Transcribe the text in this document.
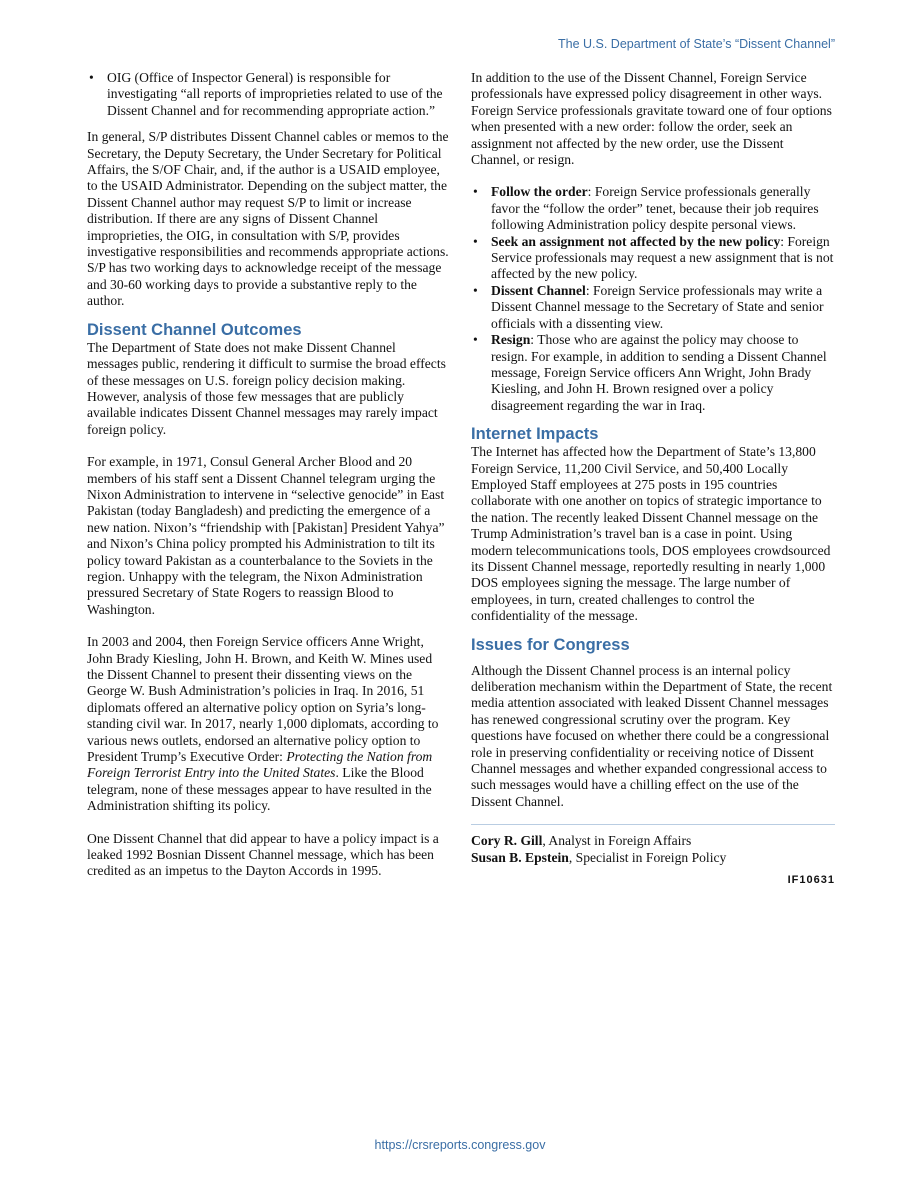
The U.S. Department of State’s “Dissent Channel”
• OIG (Office of Inspector General) is responsible for investigating “all reports of improprieties related to use of the Dissent Channel and for recommending appropriate action.”

In general, S/P distributes Dissent Channel cables or memos to the Secretary, the Deputy Secretary, the Under Secretary for Political Affairs, the S/OF Chair, and, if the author is a USAID employee, to the USAID Administrator. Depending on the subject matter, the Dissent Channel author may request S/P to limit or increase distribution. If there are any signs of Dissent Channel improprieties, the OIG, in consultation with S/P, provides investigative responsibilities and recommends appropriate actions. S/P has two working days to acknowledge receipt of the message and 30-60 working days to provide a substantive reply to the author.

Dissent Channel Outcomes

The Department of State does not make Dissent Channel messages public, rendering it difficult to surmise the broad effects of these messages on U.S. foreign policy decision making. However, analysis of those few messages that are publicly available indicates Dissent Channel messages may rarely impact foreign policy.

For example, in 1971, Consul General Archer Blood and 20 members of his staff sent a Dissent Channel telegram urging the Nixon Administration to intervene in “selective genocide” in East Pakistan (today Bangladesh) and predicting the emergence of a new nation. Nixon’s “friendship with [Pakistan] President Yahya” and Nixon’s China policy prompted his Administration to tilt its policy toward Pakistan as a counterbalance to the Soviets in the region. Unhappy with the telegram, the Nixon Administration pressured Secretary of State Rogers to reassign Blood to Washington.

In 2003 and 2004, then Foreign Service officers Anne Wright, John Brady Kiesling, John H. Brown, and Keith W. Mines used the Dissent Channel to present their dissenting views on the George W. Bush Administration’s policies in Iraq. In 2016, 51 diplomats offered an alternative policy option on Syria’s long-standing civil war. In 2017, nearly 1,000 diplomats, according to various news outlets, endorsed an alternative policy option to President Trump’s Executive Order: Protecting the Nation from Foreign Terrorist Entry into the United States. Like the Blood telegram, none of these messages appear to have resulted in the Administration shifting its policy.

One Dissent Channel that did appear to have a policy impact is a leaked 1992 Bosnian Dissent Channel message, which has been credited as an impetus to the Dayton Accords in 1995.

In addition to the use of the Dissent Channel, Foreign Service professionals have expressed policy disagreement in other ways. Foreign Service professionals gravitate toward one of four options when presented with a new order: follow the order, seek an assignment not affected by the new order, use the Dissent Channel, or resign.

• Follow the order: Foreign Service professionals generally favor the “follow the order” tenet, because their job requires following Administration policy despite personal views.
• Seek an assignment not affected by the new policy: Foreign Service professionals may request a new assignment that is not affected by the new policy.
• Dissent Channel: Foreign Service professionals may write a Dissent Channel message to the Secretary of State and senior officials with a dissenting view.
• Resign: Those who are against the policy may choose to resign. For example, in addition to sending a Dissent Channel message, Foreign Service officers Ann Wright, John Brady Kiesling, and John H. Brown resigned over a policy disagreement regarding the war in Iraq.
Internet Impacts

The Internet has affected how the Department of State’s 13,800 Foreign Service, 11,200 Civil Service, and 50,400 Locally Employed Staff employees at 275 posts in 195 countries collaborate with one another on topics of strategic importance to the nation. The recently leaked Dissent Channel message on the Trump Administration’s travel ban is a case in point. Using modern telecommunications tools, DOS employees crowdsourced its Dissent Channel message, reportedly resulting in nearly 1,000 DOS employees signing the message. The large number of employees, in turn, created challenges to control the confidentiality of the message.

Issues for Congress

Although the Dissent Channel process is an internal policy deliberation mechanism within the Department of State, the recent media attention associated with leaked Dissent Channel messages has renewed congressional scrutiny over the program. Key questions have focused on whether there could be a congressional role in preserving confidentiality or receiving notice of Dissent Channel messages and whether expanded congressional access to such messages would have a chilling effect on the use of the Dissent Channel.

Cory R. Gill, Analyst in Foreign Affairs
Susan B. Epstein, Specialist in Foreign Policy
IF10631
https://crsreports.congress.gov
